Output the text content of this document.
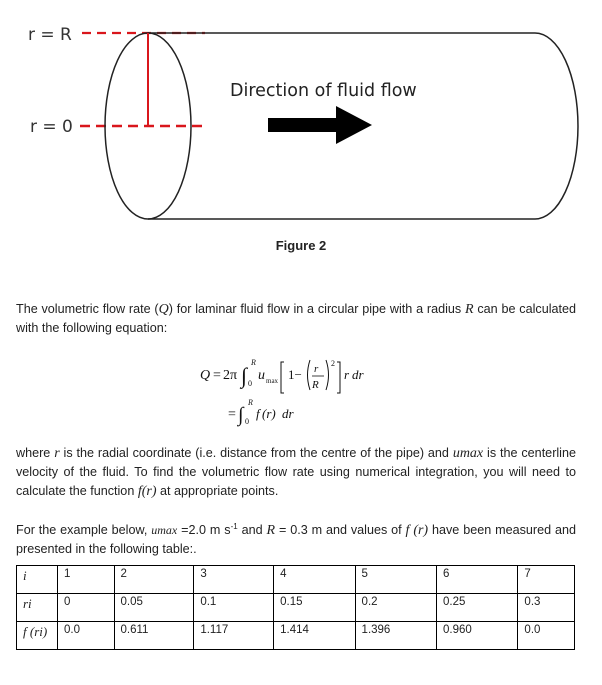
r = R
r = 0
Direction of fluid flow
Figure 2
The volumetric flow rate (Q) for laminar fluid flow in a circular pipe with a radius R can be calculated with the following equation:
Q = 2π ∫
R
0
u max 1− r
R
2
r dr
= ∫
R
0
f (r) dr
where r is the radial coordinate (i.e. distance from the centre of the pipe) and umax is the centerline velocity of the fluid. To find the volumetric flow rate using numerical integration, you will need to calculate the function f(r) at appropriate points.
For the example below, umax =2.0 m $s^{-1}$ and R = 0.3 m and values of f (r) have been measured and presented in the following table:.
i	1	2	3	4	5	6	7
ri	0	0.05	0.1	0.15	0.2	0.25	0.3
f (ri)	0.0	0.611	1.117	1.414	1.396	0.960	0.0
